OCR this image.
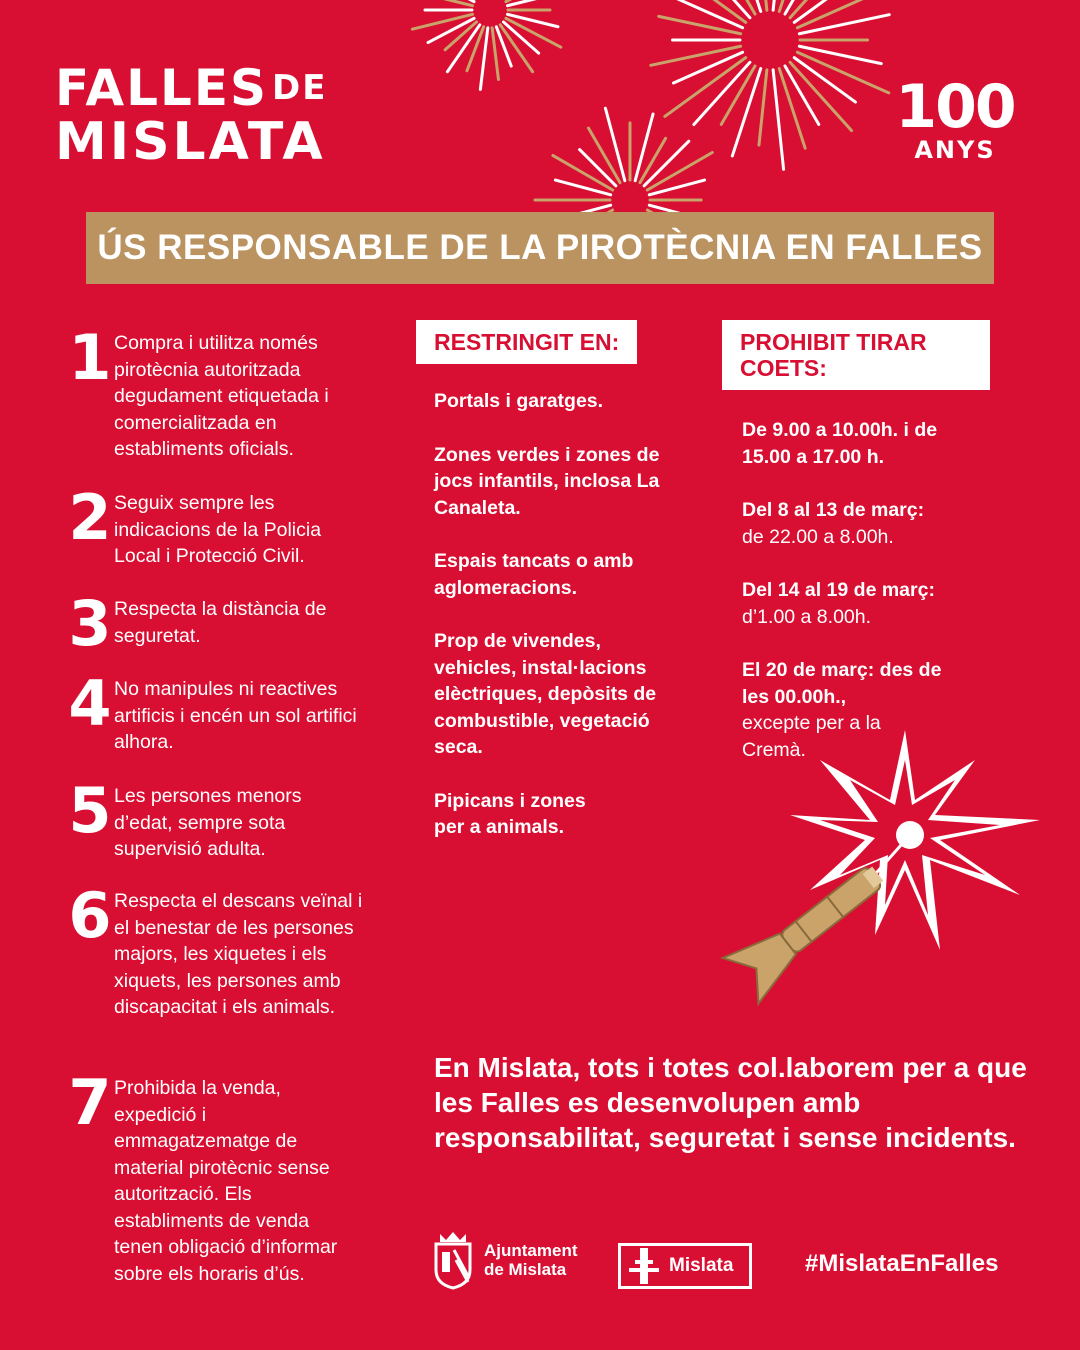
FALLES $^{DE}$
MISLATA	100
ANYS
ÚS RESPONSABLE DE LA PIROTÈCNIA EN FALLES
1 Compra i utilitza només pirotècnia autoritzada degudament etiquetada i comercialitzada en establiments oficials.
2 Seguix sempre les indicacions de la Policia Local i Protecció Civil.
3 Respecta la distància de seguretat.
4 No manipules ni reactives artificis i encén un sol artifici alhora.
5 Les persones menors d’edat, sempre sota supervisió adulta.
6 Respecta el descans veïnal i el benestar de les persones majors, les xiquetes i els xiquets, les persones amb discapacitat i els animals.
7 Prohibida la venda, expedició i emmagatzematge de material pirotècnic sense autorització. Els establiments de venda tenen obligació d’informar sobre els horaris d’ús.
RESTRINGIT EN:

Portals i garatges.

Zones verdes i zones de jocs infantils, inclosa La Canaleta.

Espais tancats o amb aglomeracions.

Prop de vivendes, vehicles, instal·lacions elèctriques, depòsits de combustible, vegetació seca.

Pipicans i zones per a animals.

PROHIBIT TIRAR COETS:

De 9.00 a 10.00h. i de 15.00 a 17.00 h.

Del 8 al 13 de març:
de 22.00 a 8.00h.

Del 14 al 19 de març:
d’1.00 a 8.00h.

El 20 de març: des de les 00.00h.,
excepte per a la Cremà.

En Mislata, tots i totes col.laborem per a que les Falles es desenvolupen amb responsabilitat, seguretat i sense incidents.
Ajuntament
de Mislata	Mislata	#MislataEnFalles
